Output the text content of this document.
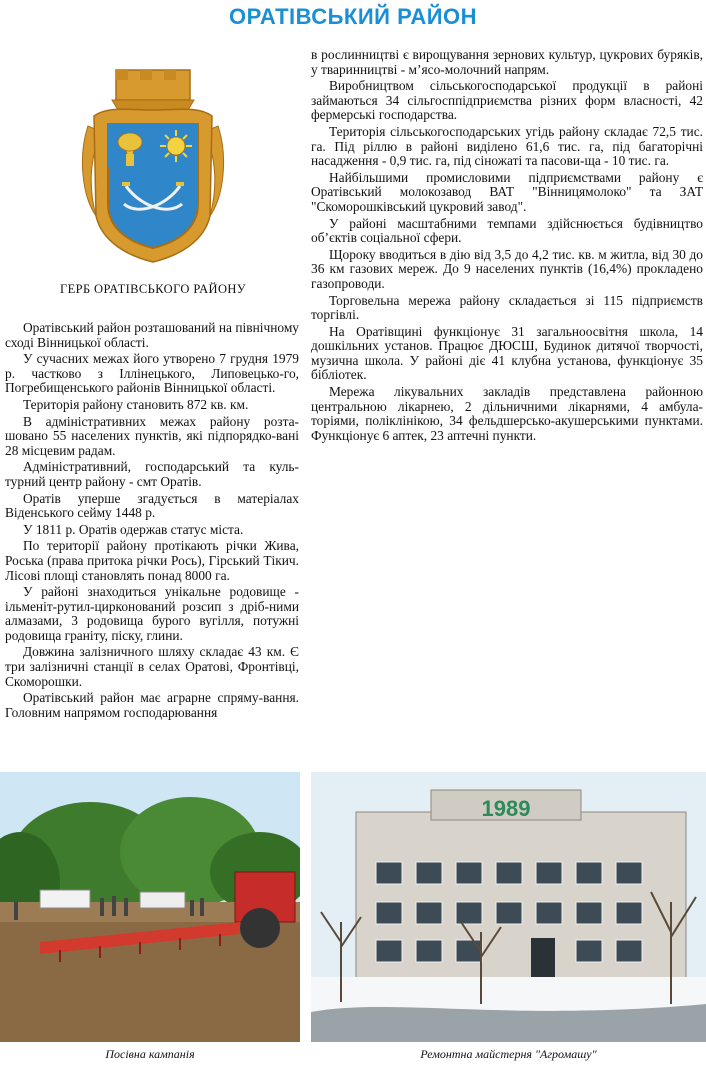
ОРАТІВСЬКИЙ РАЙОН
ГЕРБ ОРАТІВСЬКОГО РАЙОНУ

Оратівський район розташований на північному сході Вінницької області.

У сучасних межах його утворено 7 грудня 1979 р. частково з Іллінецького, Липовецько-го, Погребищенського районів Вінницької області.

Територія району становить 872 кв. км.

В адміністративних межах району розта-шовано 55 населених пунктів, які підпорядко-вані 28 місцевим радам.

Адміністративний, господарський та куль-турний центр району - смт Оратів.

Оратів уперше згадується в матеріалах Віденського сейму 1448 р.

У 1811 р. Оратів одержав статус міста.

По території району протікають річки Жива, Роська (права притока річки Рось), Гірський Тікич. Лісові площі становлять понад 8000 га.

У районі знаходиться унікальне родовище - ільменіт-рутил-цирконований розсип з дріб-ними алмазами, 3 родовища бурого вугілля, потужні родовища граніту, піску, глини.

Довжина залізничного шляху складає 43 км. Є три залізничні станції в селах Оратові, Фронтівці, Скоморошки.

Оратівський район має аграрне спряму-вання. Головним напрямом господарювання

в рослинництві є вирощування зернових культур, цукрових буряків, у тваринництві - м’ясо-молочний напрям.

Виробництвом сільськогосподарської продукції в районі займаються 34 сільгосппідприємства різних форм власності, 42 фермерські господарства.

Територія сільськогосподарських угідь району складає 72,5 тис. га. Під ріллю в районі виділено 61,6 тис. га, під багаторічні насадження - 0,9 тис. га, під сіножаті та пасови-ща - 10 тис. га.

Найбільшими промисловими підприємствами району є Оратівський молокозавод ВАТ "Вінницямолоко" та ЗАТ "Скоморошківський цукровий завод".

У районі масштабними темпами здійснюється будівництво об’єктів соціальної сфери.

Щороку вводиться в дію від 3,5 до 4,2 тис. кв. м житла, від 30 до 36 км газових мереж. До 9 населених пунктів (16,4%) прокладено газопроводи.

Торговельна мережа району складається зі 115 підприємств торгівлі.

На Оратівщині функціонує 31 загальноосвітня школа, 14 дошкільних установ. Працює ДЮСШ, Будинок дитячої творчості, музична школа. У районі діє 41 клубна установа, функціонує 35 бібліотек.

Мережа лікувальних закладів представлена районною центральною лікарнею, 2 дільничними лікарнями, 4 амбула-торіями, поліклінікою, 34 фельдшерсько-акушерськими пунктами. Функціонує 6 аптек, 23 аптечні пункти.

1989
Посівна кампанія	Ремонтна майстерня "Агромашу"
